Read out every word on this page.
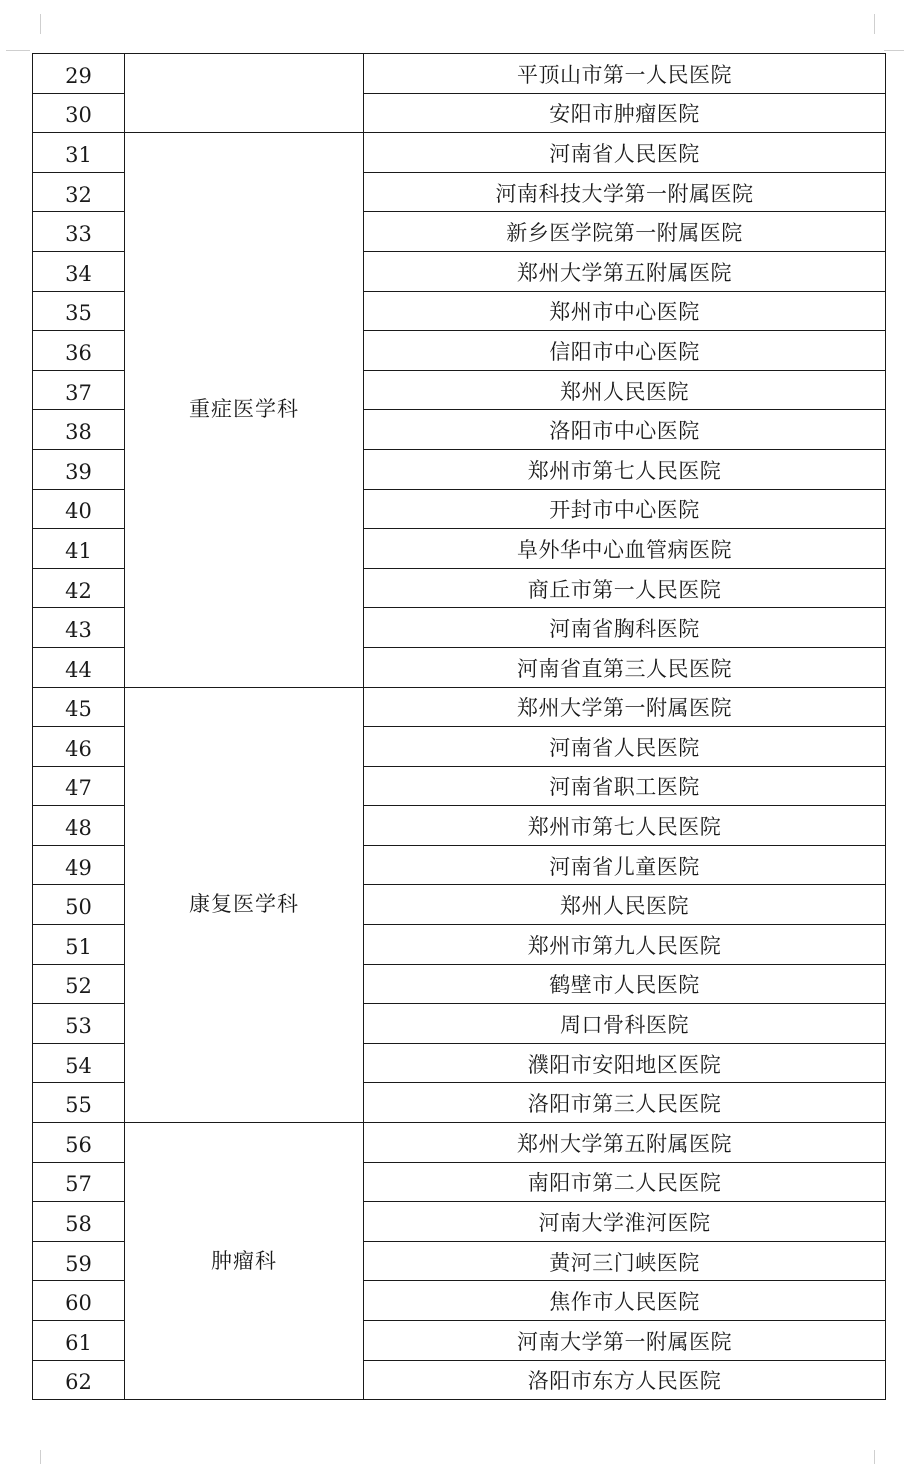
29		平顶山市第一人民医院
30		安阳市肿瘤医院
31	重症医学科	河南省人民医院
32		河南科技大学第一附属医院
33		新乡医学院第一附属医院
34		郑州大学第五附属医院
35		郑州市中心医院
36		信阳市中心医院
37		郑州人民医院
38		洛阳市中心医院
39		郑州市第七人民医院
40		开封市中心医院
41		阜外华中心血管病医院
42		商丘市第一人民医院
43		河南省胸科医院
44		河南省直第三人民医院
45	康复医学科	郑州大学第一附属医院
46		河南省人民医院
47		河南省职工医院
48		郑州市第七人民医院
49		河南省儿童医院
50		郑州人民医院
51		郑州市第九人民医院
52		鹤壁市人民医院
53		周口骨科医院
54		濮阳市安阳地区医院
55		洛阳市第三人民医院
56	肿瘤科	郑州大学第五附属医院
57		南阳市第二人民医院
58		河南大学淮河医院
59		黄河三门峡医院
60		焦作市人民医院
61		河南大学第一附属医院
62		洛阳市东方人民医院
